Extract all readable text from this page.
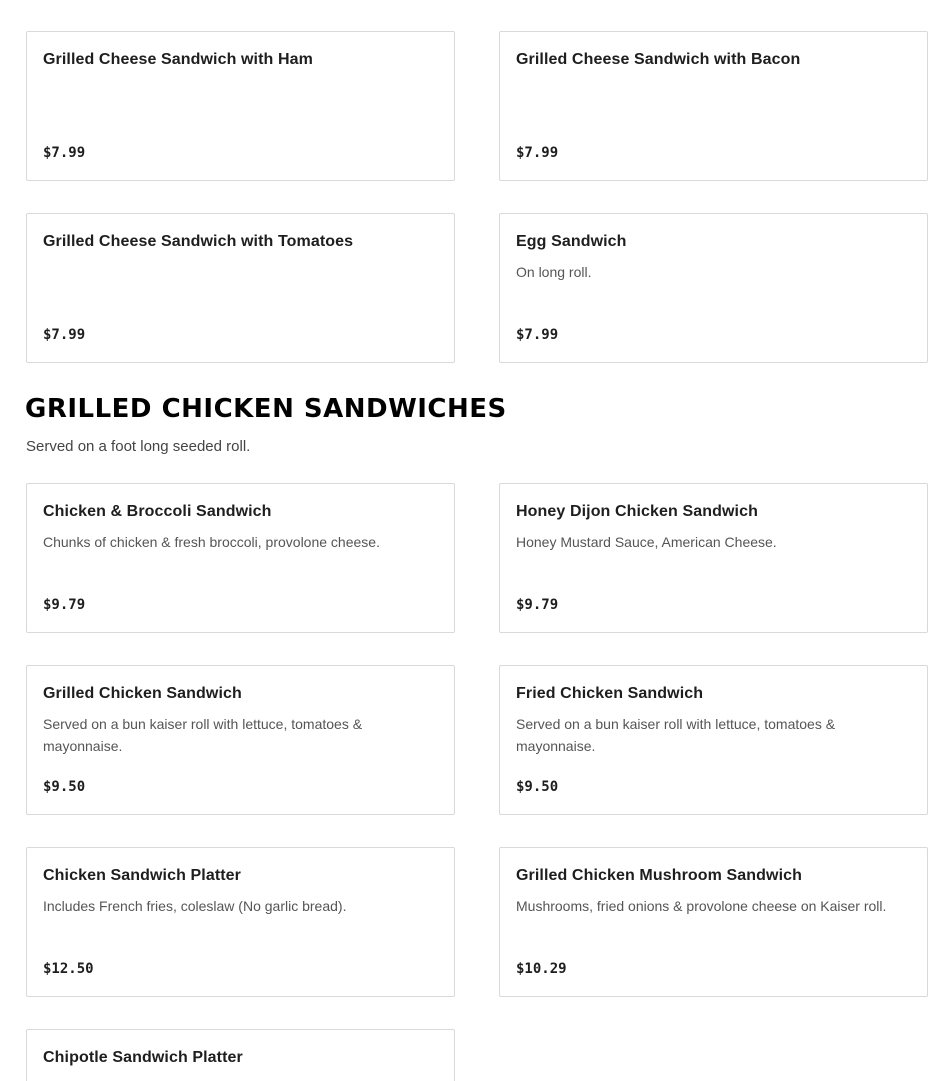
Grilled Cheese Sandwich with Ham
$7.99
Grilled Cheese Sandwich with Bacon
$7.99
Grilled Cheese Sandwich with Tomatoes
$7.99
Egg Sandwich
On long roll.
$7.99
GRILLED CHICKEN SANDWICHES
Served on a foot long seeded roll.
Chicken & Broccoli Sandwich
Chunks of chicken & fresh broccoli, provolone cheese.
$9.79
Honey Dijon Chicken Sandwich
Honey Mustard Sauce, American Cheese.
$9.79
Grilled Chicken Sandwich
Served on a bun kaiser roll with lettuce, tomatoes & mayonnaise.
$9.50
Fried Chicken Sandwich
Served on a bun kaiser roll with lettuce, tomatoes & mayonnaise.
$9.50
Chicken Sandwich Platter
Includes French fries, coleslaw (No garlic bread).
$12.50
Grilled Chicken Mushroom Sandwich
Mushrooms, fried onions & provolone cheese on Kaiser roll.
$10.29
Chipotle Sandwich Platter
